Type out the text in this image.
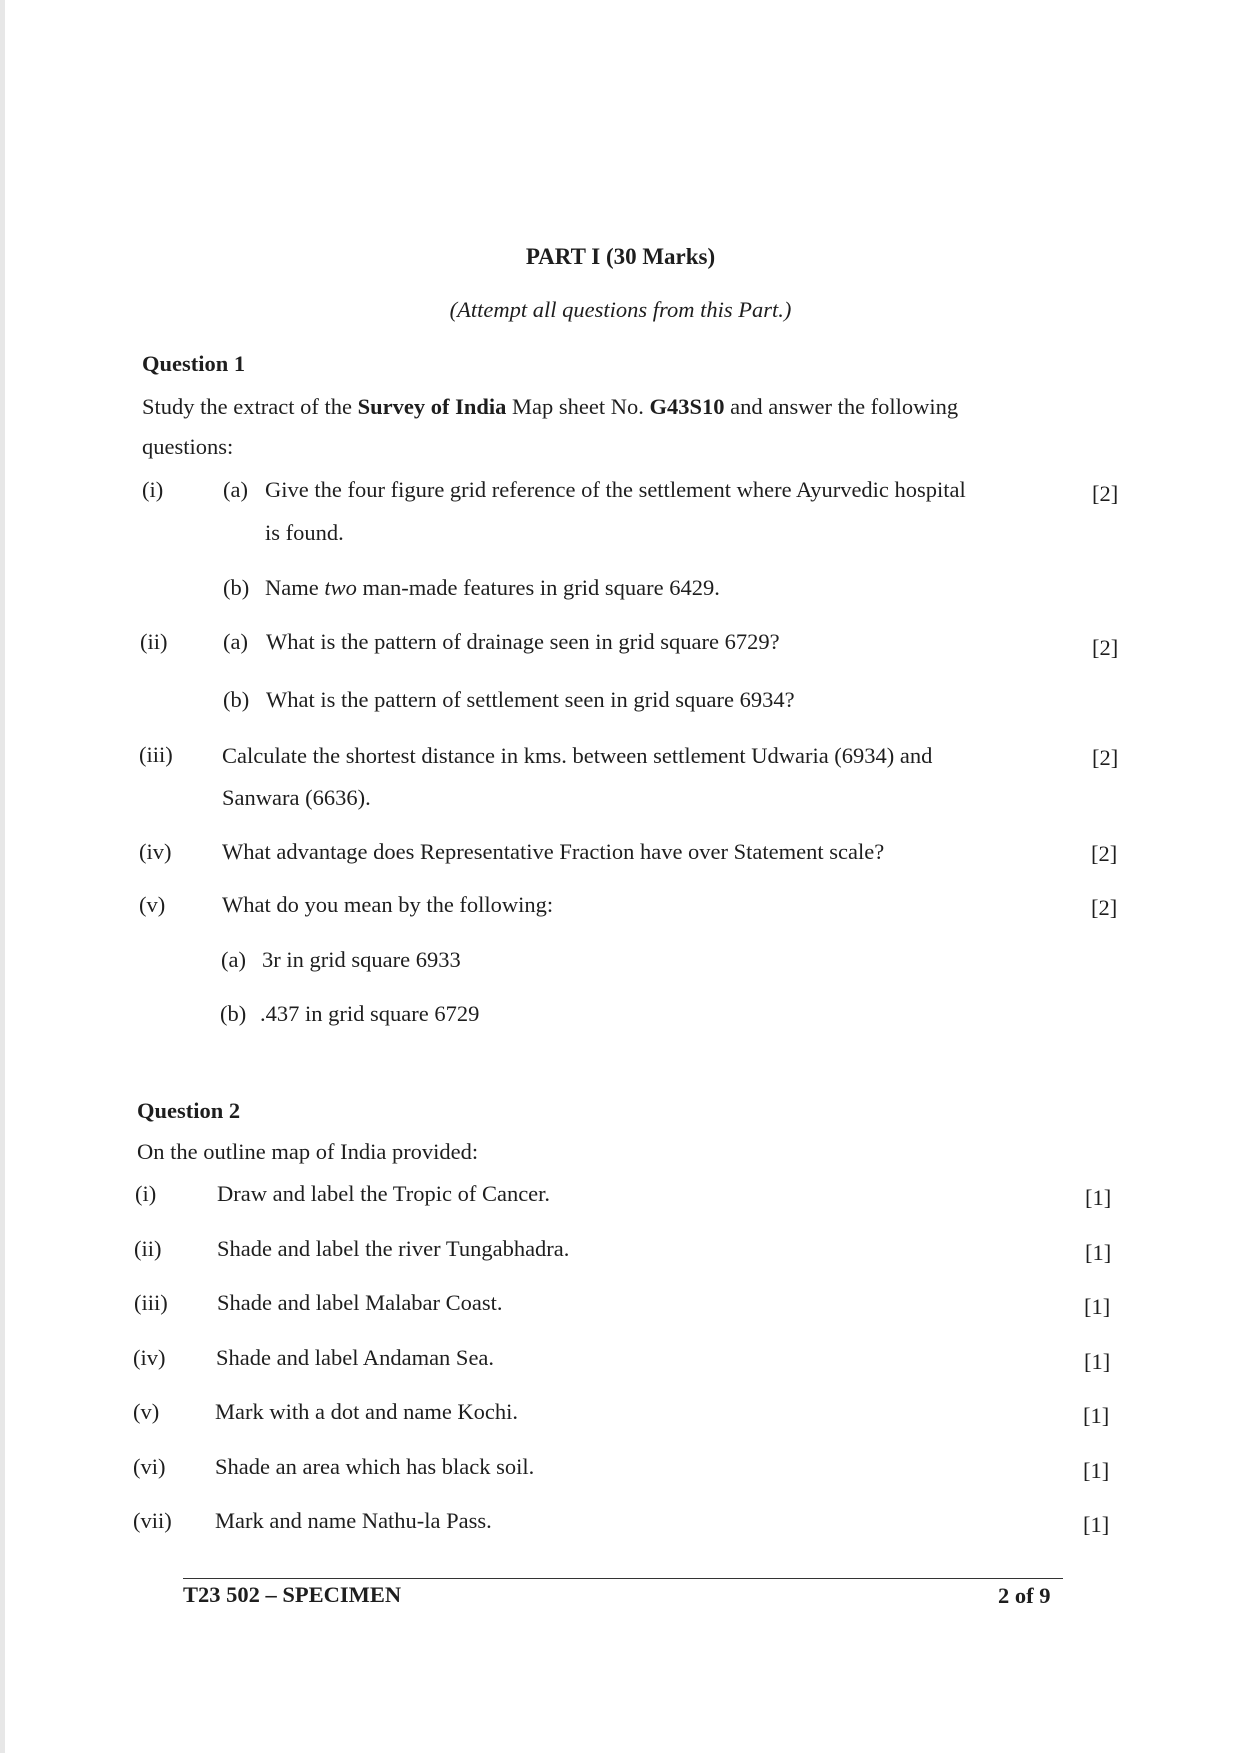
PART I (30 Marks)
(Attempt all questions from this Part.)
Question 1
Study the extract of the Survey of India Map sheet No. G43S10 and answer the following
questions:
(i)	(a) Give the four figure grid reference of the settlement where Ayurvedic hospital	[2]
is found.
(b) Name two man-made features in grid square 6429.
(ii) (a) What is the pattern of drainage seen in grid square 6729?	[2]
(b) What is the pattern of settlement seen in grid square 6934?
(iii) Calculate the shortest distance in kms. between settlement Udwaria (6934) and	[2]
Sanwara (6636).
(iv) What advantage does Representative Fraction have over Statement scale?	[2]
(v)	What do you mean by the following:	[2]
(a) 3r in grid square 6933
(b) .437 in grid square 6729
Question 2
On the outline map of India provided:
(i)	Draw and label the Tropic of Cancer.	[1]
(ii) Shade and label the river Tungabhadra.	[1]
(iii) Shade and label Malabar Coast.	[1]
(iv) Shade and label Andaman Sea.	[1]
(v) Mark with a dot and name Kochi.	[1]
(vi) Shade an area which has black soil.	[1]
(vii) Mark and name Nathu-la Pass.	[1]
T23 502 – SPECIMEN	2 of 9
